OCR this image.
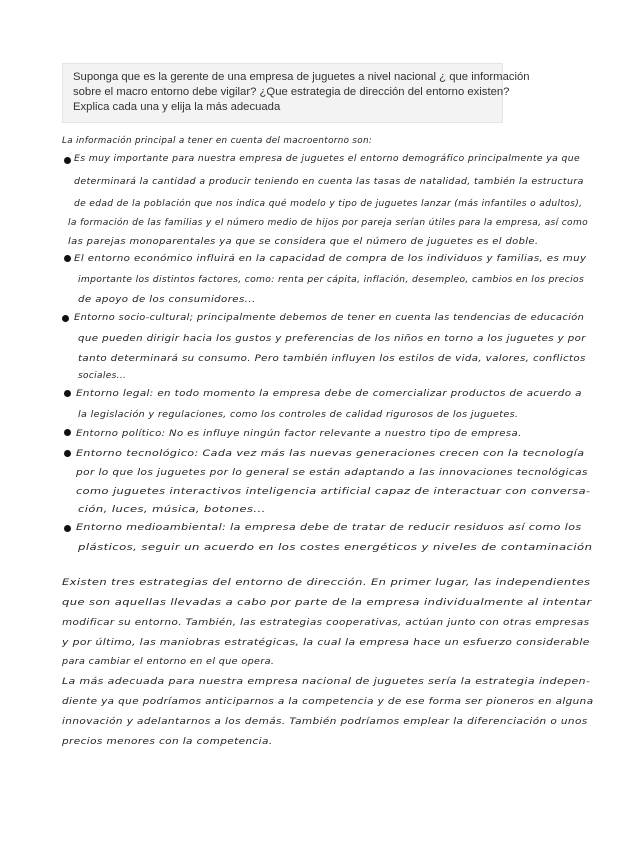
Suponga que es la gerente de una empresa de juguetes a nivel nacional ¿ que información
sobre el macro entorno debe vigilar? ¿Que estrategia de dirección del entorno existen?
Explica cada una y elija la más adecuada
La información principal a tener en cuenta del macroentorno son:
Es muy importante para nuestra empresa de juguetes el entorno demográfico principalmente ya que
determinará la cantidad a producir teniendo en cuenta las tasas de natalidad, también la estructura
de edad de la población que nos indica qué modelo y tipo de juguetes lanzar (más infantiles o adultos),
la formación de las familias y el número medio de hijos por pareja serían útiles para la empresa, así como
las parejas monoparentales ya que se considera que el número de juguetes es el doble.
El entorno económico influirá en la capacidad de compra de los individuos y familias, es muy
importante los distintos factores, como: renta per cápita, inflación, desempleo, cambios en los precios
de apoyo de los consumidores...
Entorno socio-cultural; principalmente debemos de tener en cuenta las tendencias de educación
que pueden dirigir hacia los gustos y preferencias de los niños en torno a los juguetes y por
tanto determinará su consumo. Pero también influyen los estilos de vida, valores, conflictos
sociales...
Entorno legal: en todo momento la empresa debe de comercializar productos de acuerdo a
la legislación y regulaciones, como los controles de calidad rigurosos de los juguetes.
Entorno político: No es influye ningún factor relevante a nuestro tipo de empresa.
Entorno tecnológico: Cada vez más las nuevas generaciones crecen con la tecnología
por lo que los juguetes por lo general se están adaptando a las innovaciones tecnológicas
como juguetes interactivos inteligencia artificial capaz de interactuar con conversa-
ción, luces, música, botones...
Entorno medioambiental: la empresa debe de tratar de reducir residuos así como los
plásticos, seguir un acuerdo en los costes energéticos y niveles de contaminación
Existen tres estrategias del entorno de dirección. En primer lugar, las independientes
que son aquellas llevadas a cabo por parte de la empresa individualmente al intentar
modificar su entorno. También, las estrategias cooperativas, actúan junto con otras empresas
y por último, las maniobras estratégicas, la cual la empresa hace un esfuerzo considerable
para cambiar el entorno en el que opera.
La más adecuada para nuestra empresa nacional de juguetes sería la estrategia indepen-
diente ya que podríamos anticiparnos a la competencia y de ese forma ser pioneros en alguna
innovación y adelantarnos a los demás. También podríamos emplear la diferenciación o unos
precios menores con la competencia.
